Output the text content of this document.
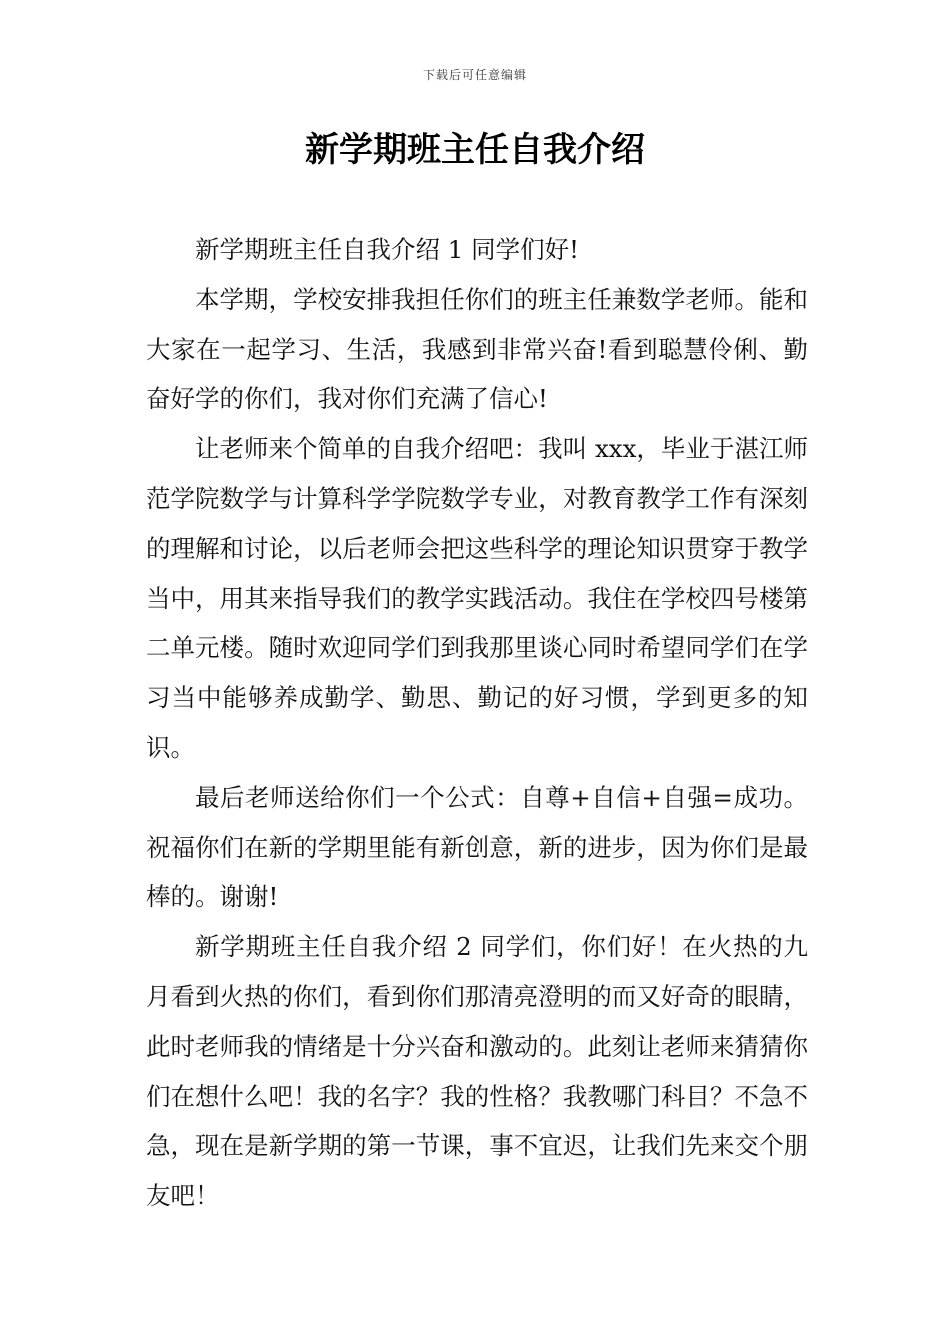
下载后可任意编辑
新学期班主任自我介绍

新学期班主任自我介绍 1 同学们好!

本学期，学校安排我担任你们的班主任兼数学老师。能和大家在一起学习、生活，我感到非常兴奋!看到聪慧伶俐、勤奋好学的你们，我对你们充满了信心!

让老师来个简单的自我介绍吧：我叫 xxx，毕业于湛江师范学院数学与计算科学学院数学专业，对教育教学工作有深刻的理解和讨论，以后老师会把这些科学的理论知识贯穿于教学当中，用其来指导我们的教学实践活动。我住在学校四号楼第二单元楼。随时欢迎同学们到我那里谈心同时希望同学们在学习当中能够养成勤学、勤思、勤记的好习惯，学到更多的知识。

最后老师送给你们一个公式：自尊+自信+自强=成功。祝福你们在新的学期里能有新创意，新的进步，因为你们是最棒的。谢谢!

新学期班主任自我介绍 2 同学们，你们好！在火热的九月看到火热的你们，看到你们那清亮澄明的而又好奇的眼睛，此时老师我的情绪是十分兴奋和激动的。此刻让老师来猜猜你们在想什么吧！我的名字？我的性格？我教哪门科目？不急不急，现在是新学期的第一节课，事不宜迟，让我们先来交个朋友吧！
